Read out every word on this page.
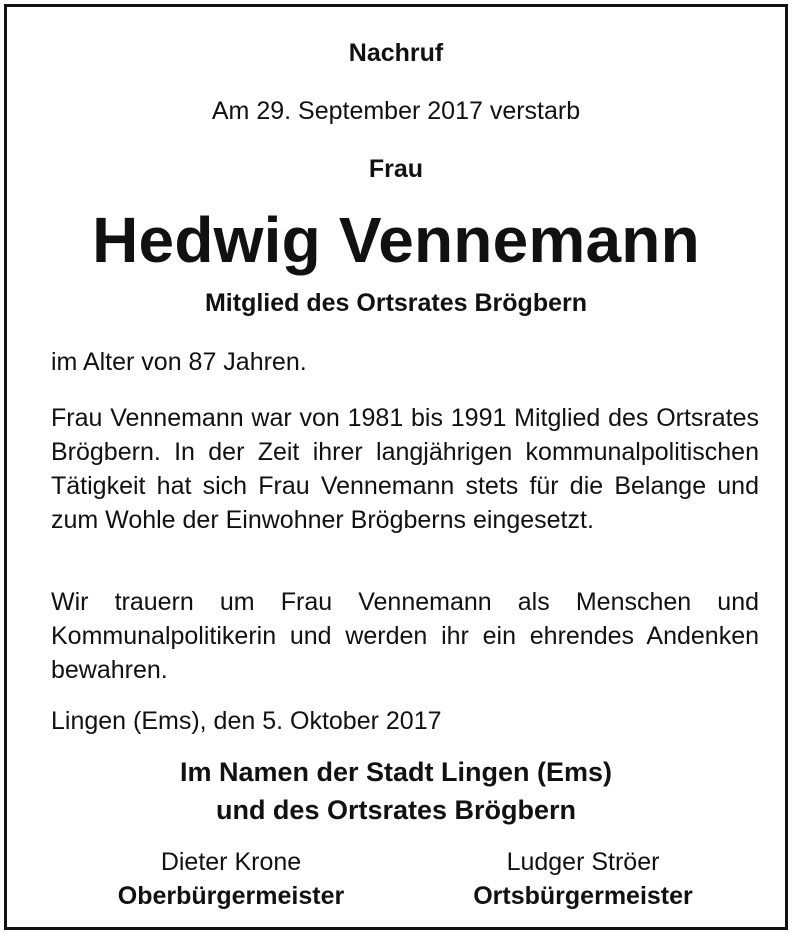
Nachruf
Am 29. September 2017 verstarb
Frau
Hedwig Vennemann
Mitglied des Ortsrates Brögbern
im Alter von 87 Jahren.
Frau Vennemann war von 1981 bis 1991 Mitglied des Ortsrates Brögbern. In der Zeit ihrer langjährigen kommunalpolitischen Tätigkeit hat sich Frau Vennemann stets für die Belange und zum Wohle der Einwohner Brögberns eingesetzt.
Wir trauern um Frau Vennemann als Menschen und Kommunalpolitikerin und werden ihr ein ehrendes Andenken bewahren.
Lingen (Ems), den 5. Oktober 2017
Im Namen der Stadt Lingen (Ems)
und des Ortsrates Brögbern
Dieter Krone
Oberbürgermeister
Ludger Ströer
Ortsbürgermeister
